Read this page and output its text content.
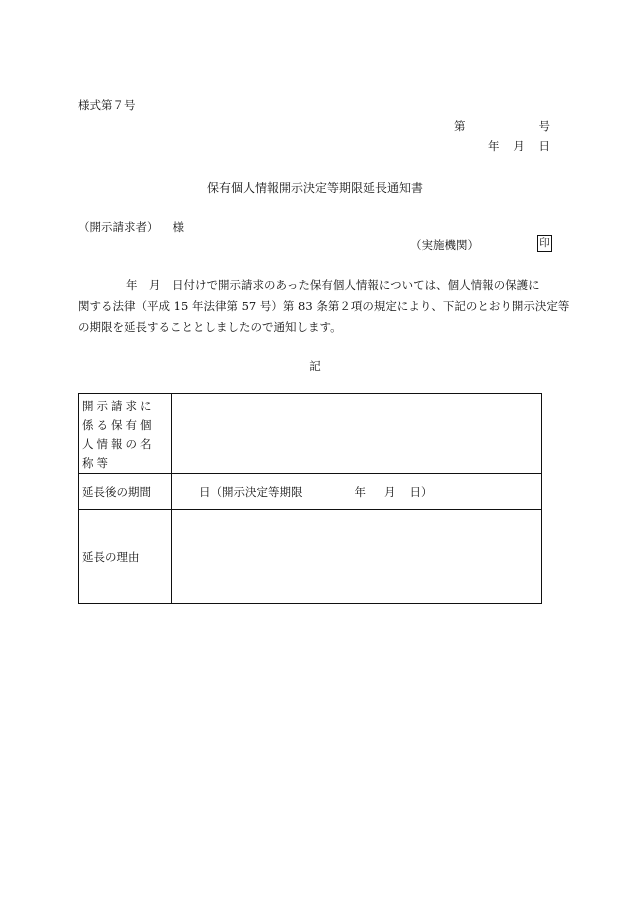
様式第７号
第	号
年 月 日
保有個人情報開示決定等期限延長通知書
（開示請求者） 様
（実施機関）	印
年　月　日付けで開示請求のあった保有個人情報については、個人情報の保護に
関する法律（平成 15 年法律第 57 号）第 83 条第２項の規定により、下記のとおり開示決定等
の期限を延長することとしましたので通知します。
記
開示請求に係る保有個人情報の名称等	
延長後の期間	日（開示決定等期限 年 月 日）
延長の理由	
